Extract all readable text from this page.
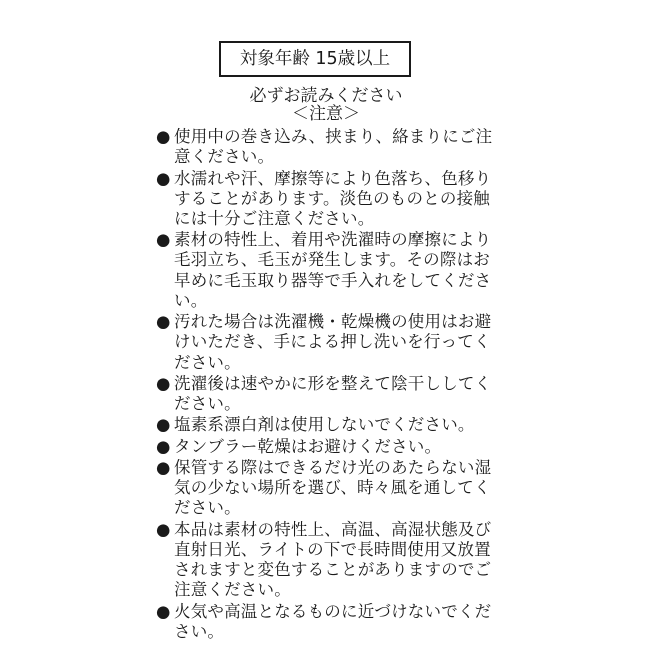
対象年齢 15歳以上
必ずお読みください
＜注意＞
● 使用中の巻き込み、挟まり、絡まりにご注意ください。
● 水濡れや汗、摩擦等により色落ち、色移りすることがあります。淡色のものとの接触には十分ご注意ください。
● 素材の特性上、着用や洗濯時の摩擦により毛羽立ち、毛玉が発生します。その際はお早めに毛玉取り器等で手入れをしてください。
● 汚れた場合は洗濯機・乾燥機の使用はお避けいただき、手による押し洗いを行ってください。
● 洗濯後は速やかに形を整えて陰干ししてください。
● 塩素系漂白剤は使用しないでください。
● タンブラー乾燥はお避けください。
● 保管する際はできるだけ光のあたらない湿気の少ない場所を選び、時々風を通してください。
● 本品は素材の特性上、高温、高湿状態及び直射日光、ライトの下で長時間使用又放置されますと変色することがありますのでご注意ください。
● 火気や高温となるものに近づけないでください。
